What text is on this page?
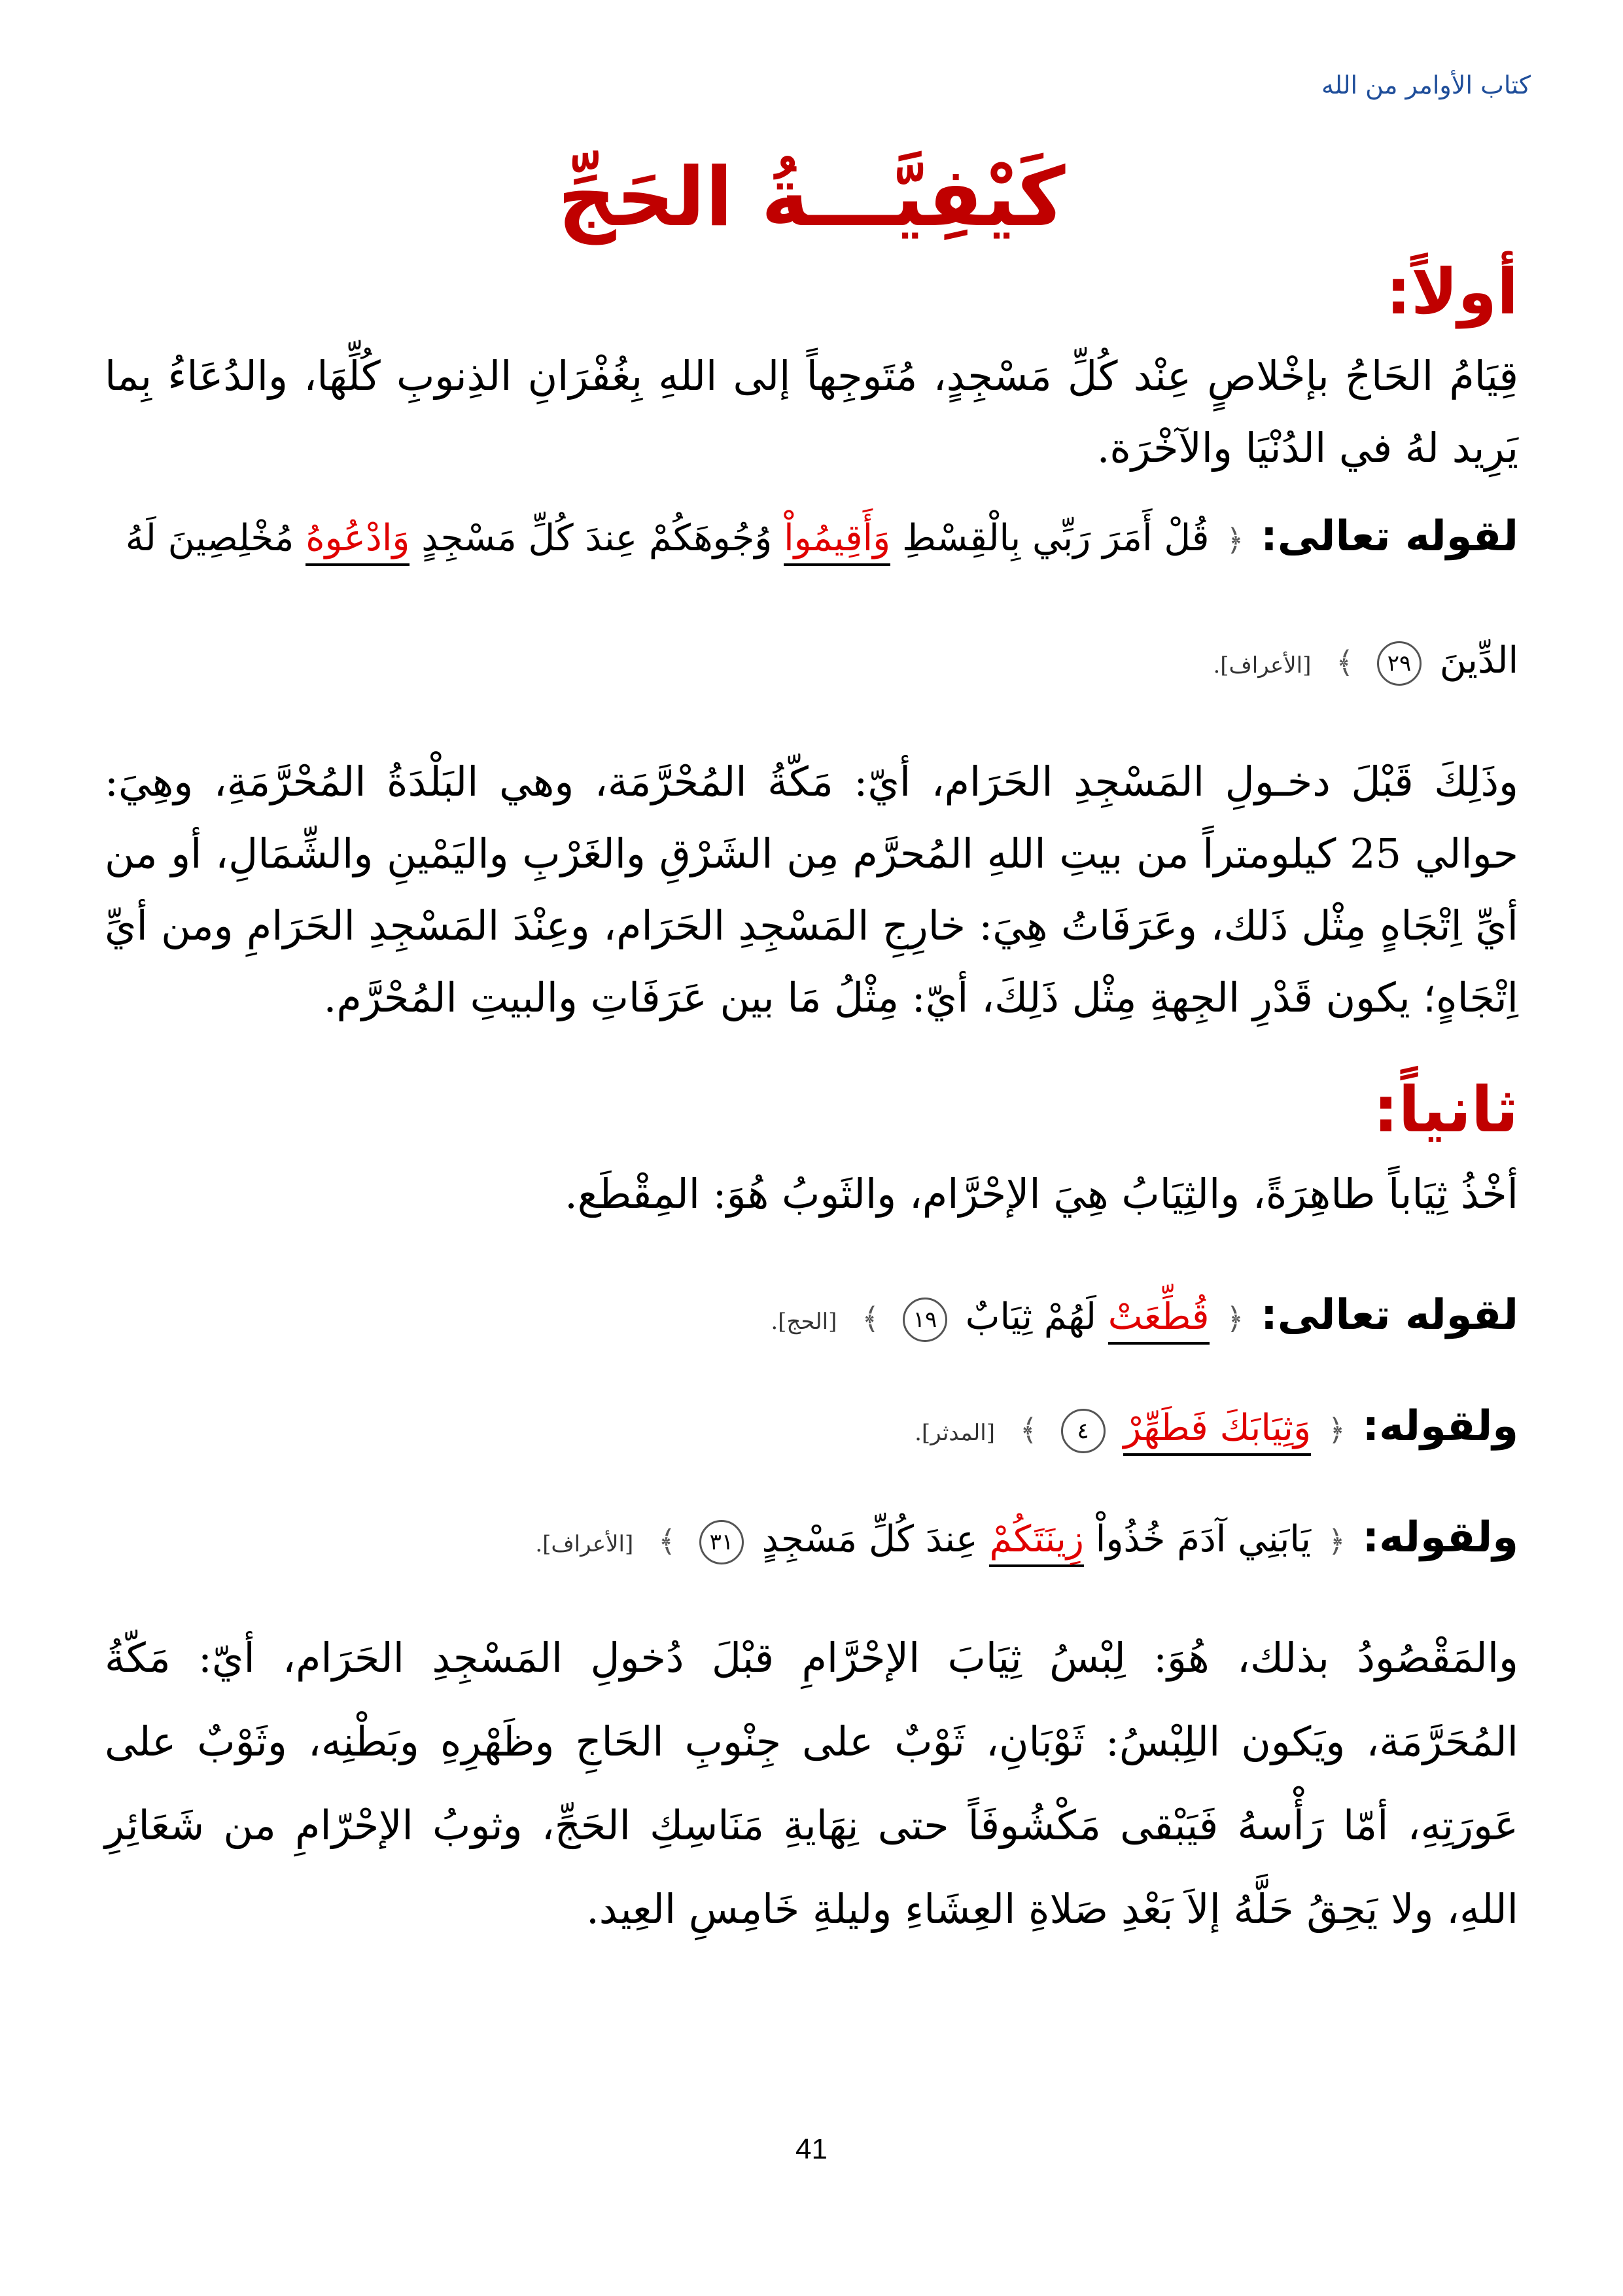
كتاب الأوامر من الله
كَيْفِيَّـــةُ الحَجِّ
أولاً:
قِيَامُ الحَاجُ بإخْلاصٍ عِنْد كُلِّ مَسْجِدٍ، مُتَوجِهاً إلى اللهِ بِغُفْرَانِ الذِنوبِ كُلِّهَا، والدُعَاءُ بِما يَرِيد لهُ في الدُنْيَا والآخْرَة.
لقوله تعالى: ﴿ قُلْ أَمَرَ رَبِّي بِالْقِسْطِ وَأَقِيمُواْ وُجُوهَكُمْ عِندَ كُلِّ مَسْجِدٍ وَادْعُوهُ مُخْلِصِينَ لَهُ
الدِّينَ ٢٩ ﴾ [الأعراف].
وذَلِكَ قَبْلَ دخـولِ المَسْجِدِ الحَرَام، أيّ: مَكّةُ المُحْرَّمَة، وهي البَلْدَةُ المُحْرَّمَةِ، وهِيَ: حوالي 25 كيلومتراً من بيتِ اللهِ المُحرَّم مِن الشَرْقِ والغَرْبِ واليَمْينِ والشِّمَالِ، أو من أيِّ اِتْجَاهٍ مِثْل ذَلك، وعَرَفَاتُ هِيَ: خارِجِ المَسْجِدِ الحَرَام، وعِنْدَ المَسْجِدِ الحَرَامِ ومن أيِّ اِتْجَاهٍ؛ يكون قَدْرِ الجِهةِ مِثْل ذَلِكَ، أيّ: مِثْلُ مَا بين عَرَفَاتِ والبيتِ المُحْرَّم.
ثانياً:
أخْذُ ثِيَاباً طاهِرَةً، والثِيَابُ هِيَ الإحْرَّام، والثَوبُ هُوَ: المِقْطَع.
لقوله تعالى: ﴿ قُطِّعَتْ لَهُمْ ثِيَابٌ ١٩ ﴾ [الحج].
ولقوله: ﴿ وَثِيَابَكَ فَطَهِّرْ ٤ ﴾ [المدثر].
ولقوله: ﴿ يَابَنِي آدَمَ خُذُواْ زِينَتَكُمْ عِندَ كُلِّ مَسْجِدٍ ٣١ ﴾ [الأعراف].
والمَقْصُودُ بذلك، هُوَ: لِبْسُ ثِيَابَ الإحْرَّامِ قبْلَ دُخولِ المَسْجِدِ الحَرَام، أيّ: مَكّةُ المُحَرَّمَة، ويَكون اللِبْسُ: ثَوْبَانِ، ثَوْبٌ على جِنْوبِ الحَاجِ وظَهْرِهِ وبَطْنِه، وثَوْبٌ على عَورَتِهِ، أمّا رَأْسهُ فَيَبْقى مَكْشُوفَاً حتى نِهَايةِ مَنَاسِكِ الحَجِّ، وثوبُ الإحْرّامِ من شَعَائِرِ اللهِ، ولا يَحِقُ حَلَّهُ إلاَ بَعْدِ صَلاةِ العِشَاءِ وليلةِ خَامِسِ العِيد.
41
